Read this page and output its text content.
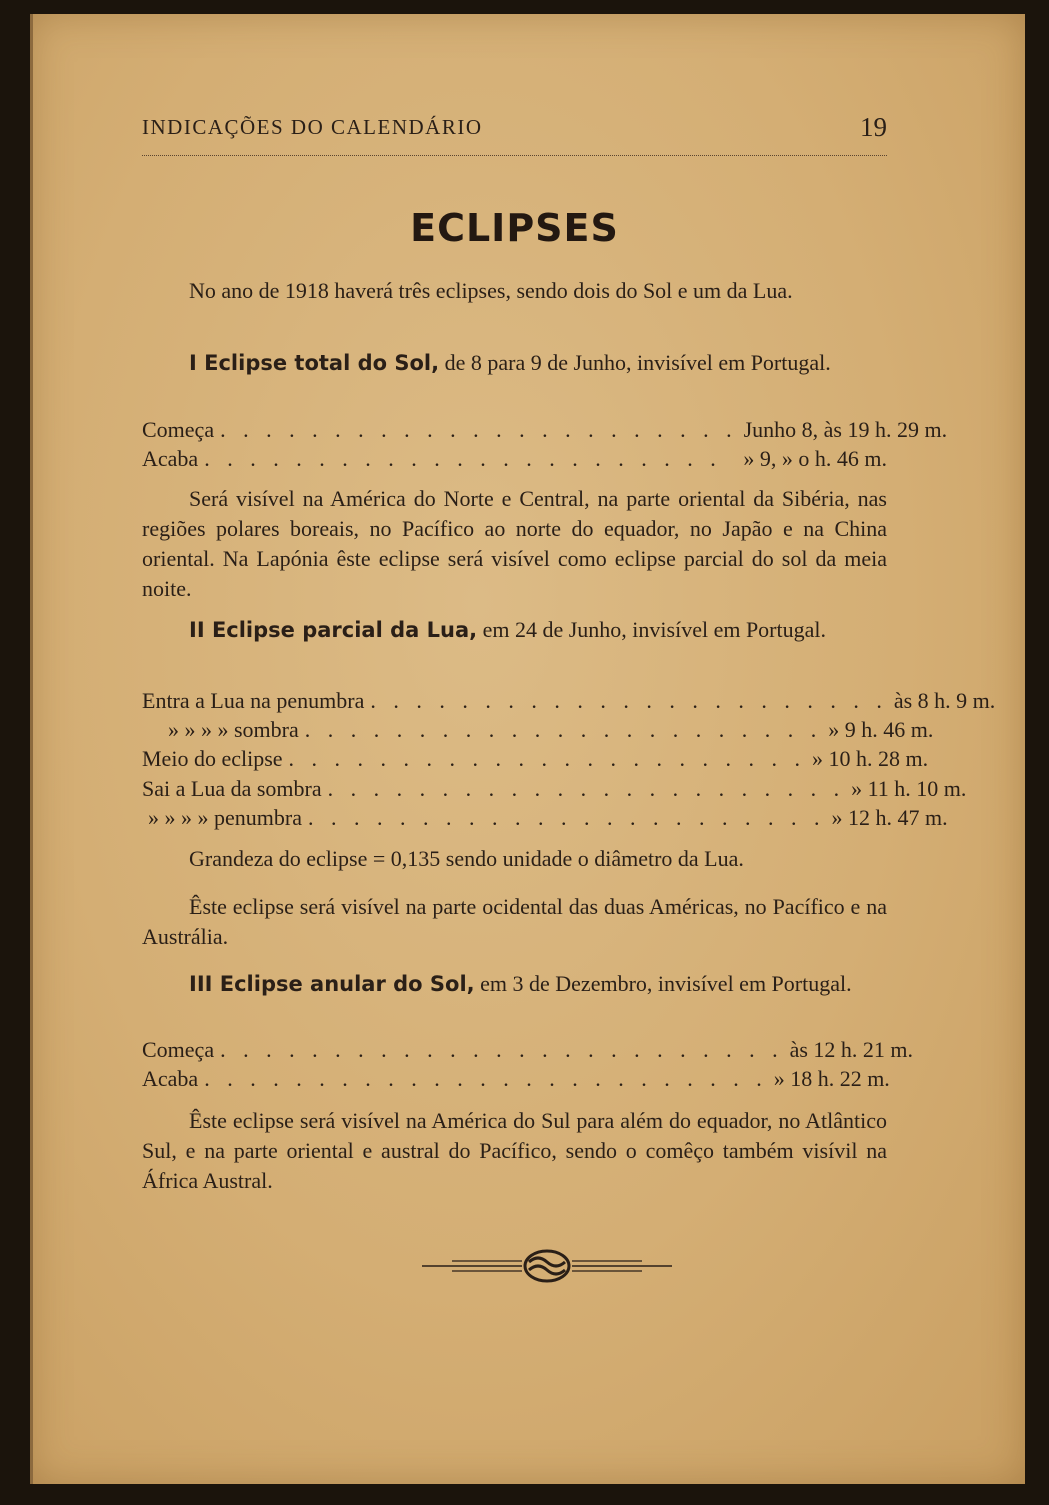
INDICAÇÕES DO CALENDÁRIO	19
ECLIPSES
No ano de 1918 haverá três eclipses, sendo dois do Sol e um da Lua.
I Eclipse total do Sol, de 8 para 9 de Junho, invisível em Portugal.
Começa . . . . . . . . . . . . . . . . . . . . . . . Junho 8, às 19 h. 29 m.
Acaba . . . . . . . . . . . . . . . . . . . . . . . » 9, » o h. 46 m.
Será visível na América do Norte e Central, na parte oriental da Sibéria, nas regiões polares boreais, no Pacífico ao norte do equador, no Japão e na China oriental. Na Lapónia êste eclipse será visível como eclipse parcial do sol da meia noite.
II Eclipse parcial da Lua, em 24 de Junho, invisível em Portugal.
Entra a Lua na penumbra . . . . . . . . . . . . . . . . . . . . . . . às 8 h. 9 m.
» » » » sombra . . . . . . . . . . . . . . . . . . . . . . . » 9 h. 46 m.
Meio do eclipse . . . . . . . . . . . . . . . . . . . . . . . » 10 h. 28 m.
Sai a Lua da sombra . . . . . . . . . . . . . . . . . . . . . . . » 11 h. 10 m.
» » » » penumbra . . . . . . . . . . . . . . . . . . . . . . . » 12 h. 47 m.
Grandeza do eclipse = 0,135 sendo unidade o diâmetro da Lua.
Êste eclipse será visível na parte ocidental das duas Américas, no Pacífico e na Austrália.
III Eclipse anular do Sol, em 3 de Dezembro, invisível em Portugal.
Começa . . . . . . . . . . . . . . . . . . . . . . . . . às 12 h. 21 m.
Acaba . . . . . . . . . . . . . . . . . . . . . . . . . » 18 h. 22 m.
Êste eclipse será visível na América do Sul para além do equador, no Atlântico Sul, e na parte oriental e austral do Pacífico, sendo o comêço também visívil na África Austral.
